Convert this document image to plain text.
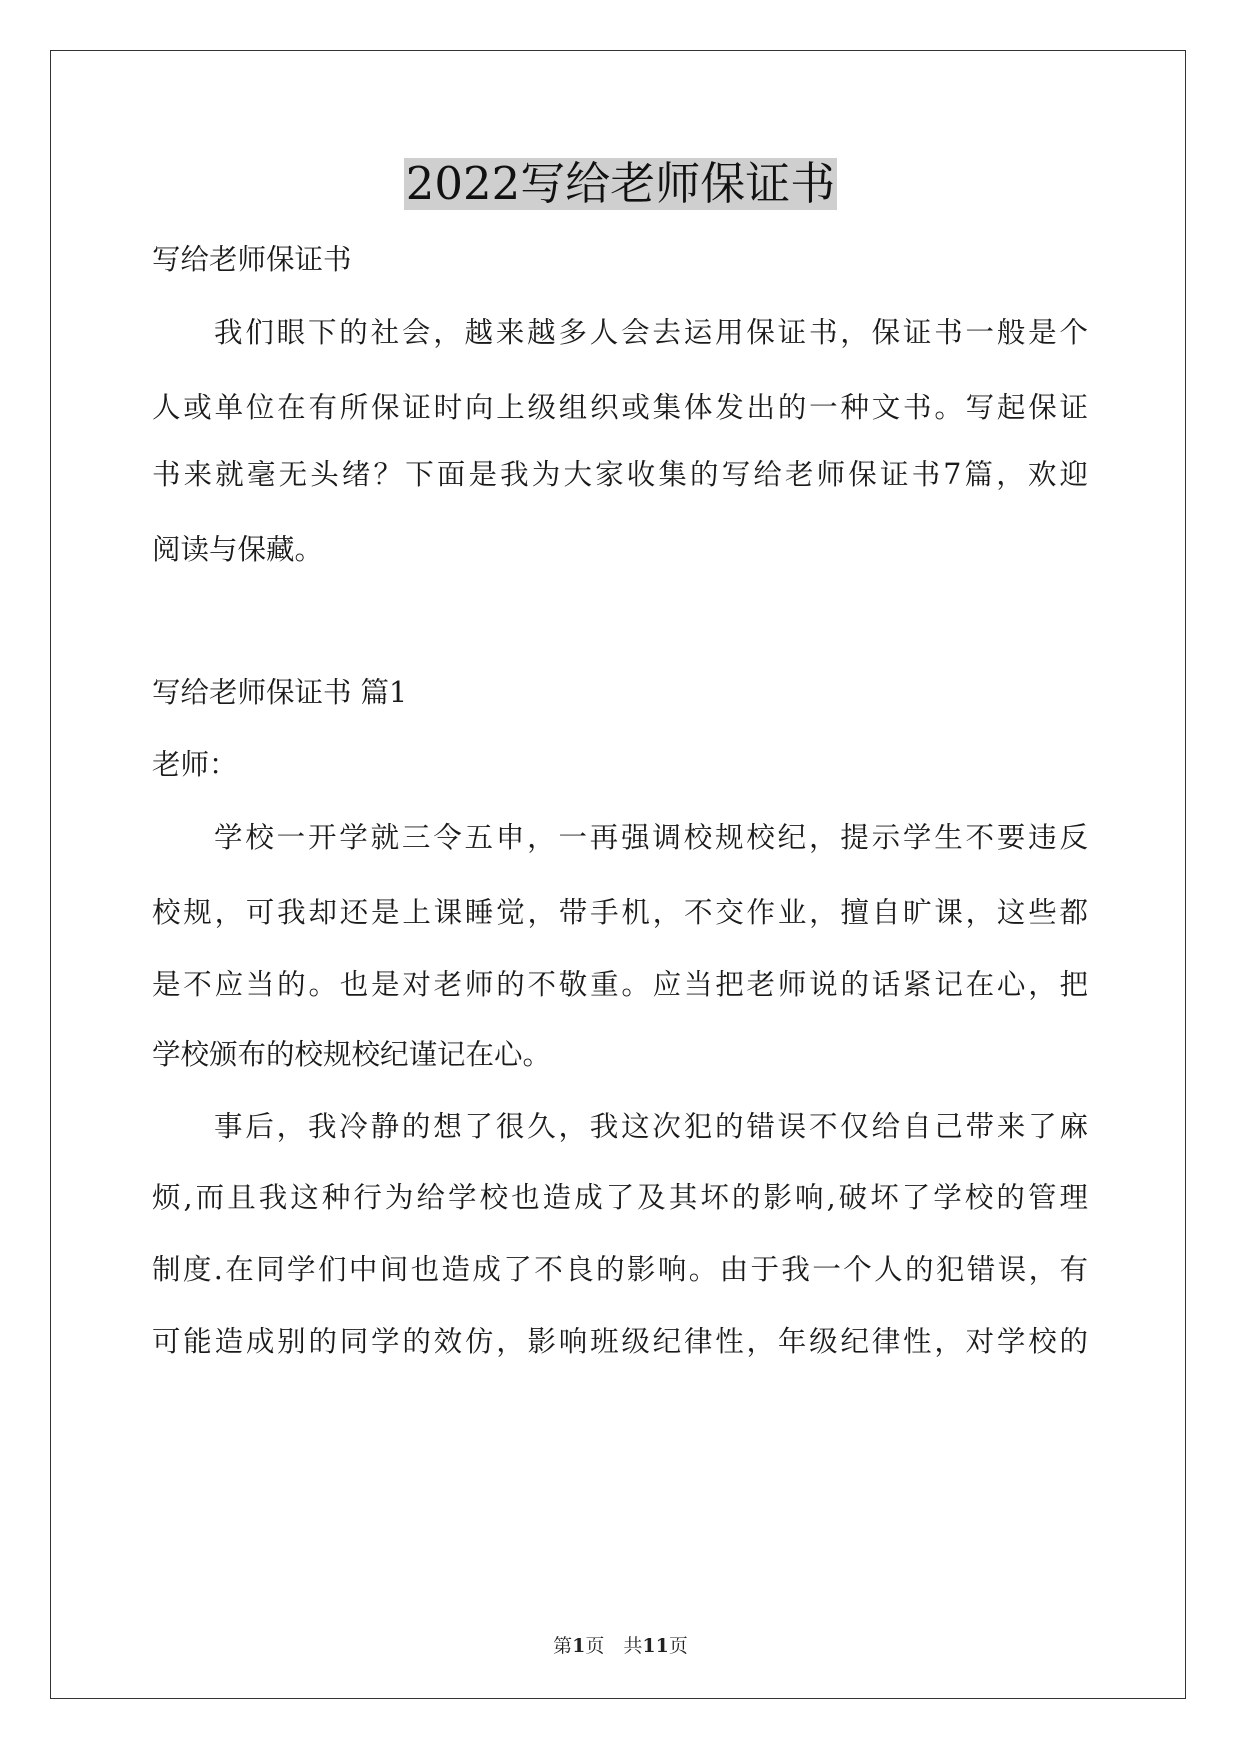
2022写给老师保证书
写给老师保证书
我们眼下的社会，越来越多人会去运用保证书，保证书一般是个
人或单位在有所保证时向上级组织或集体发出的一种文书。写起保证
书来就毫无头绪？下面是我为大家收集的写给老师保证书7篇，欢迎
阅读与保藏。
写给老师保证书 篇1
老师：
学校一开学就三令五申，一再强调校规校纪，提示学生不要违反
校规，可我却还是上课睡觉，带手机，不交作业，擅自旷课，这些都
是不应当的。也是对老师的不敬重。应当把老师说的话紧记在心，把
学校颁布的校规校纪谨记在心。
事后，我冷静的想了很久，我这次犯的错误不仅给自己带来了麻
烦,而且我这种行为给学校也造成了及其坏的影响,破坏了学校的管理
制度.在同学们中间也造成了不良的影响。由于我一个人的犯错误，有
可能造成别的同学的效仿，影响班级纪律性，年级纪律性，对学校的
第1页　共11页
